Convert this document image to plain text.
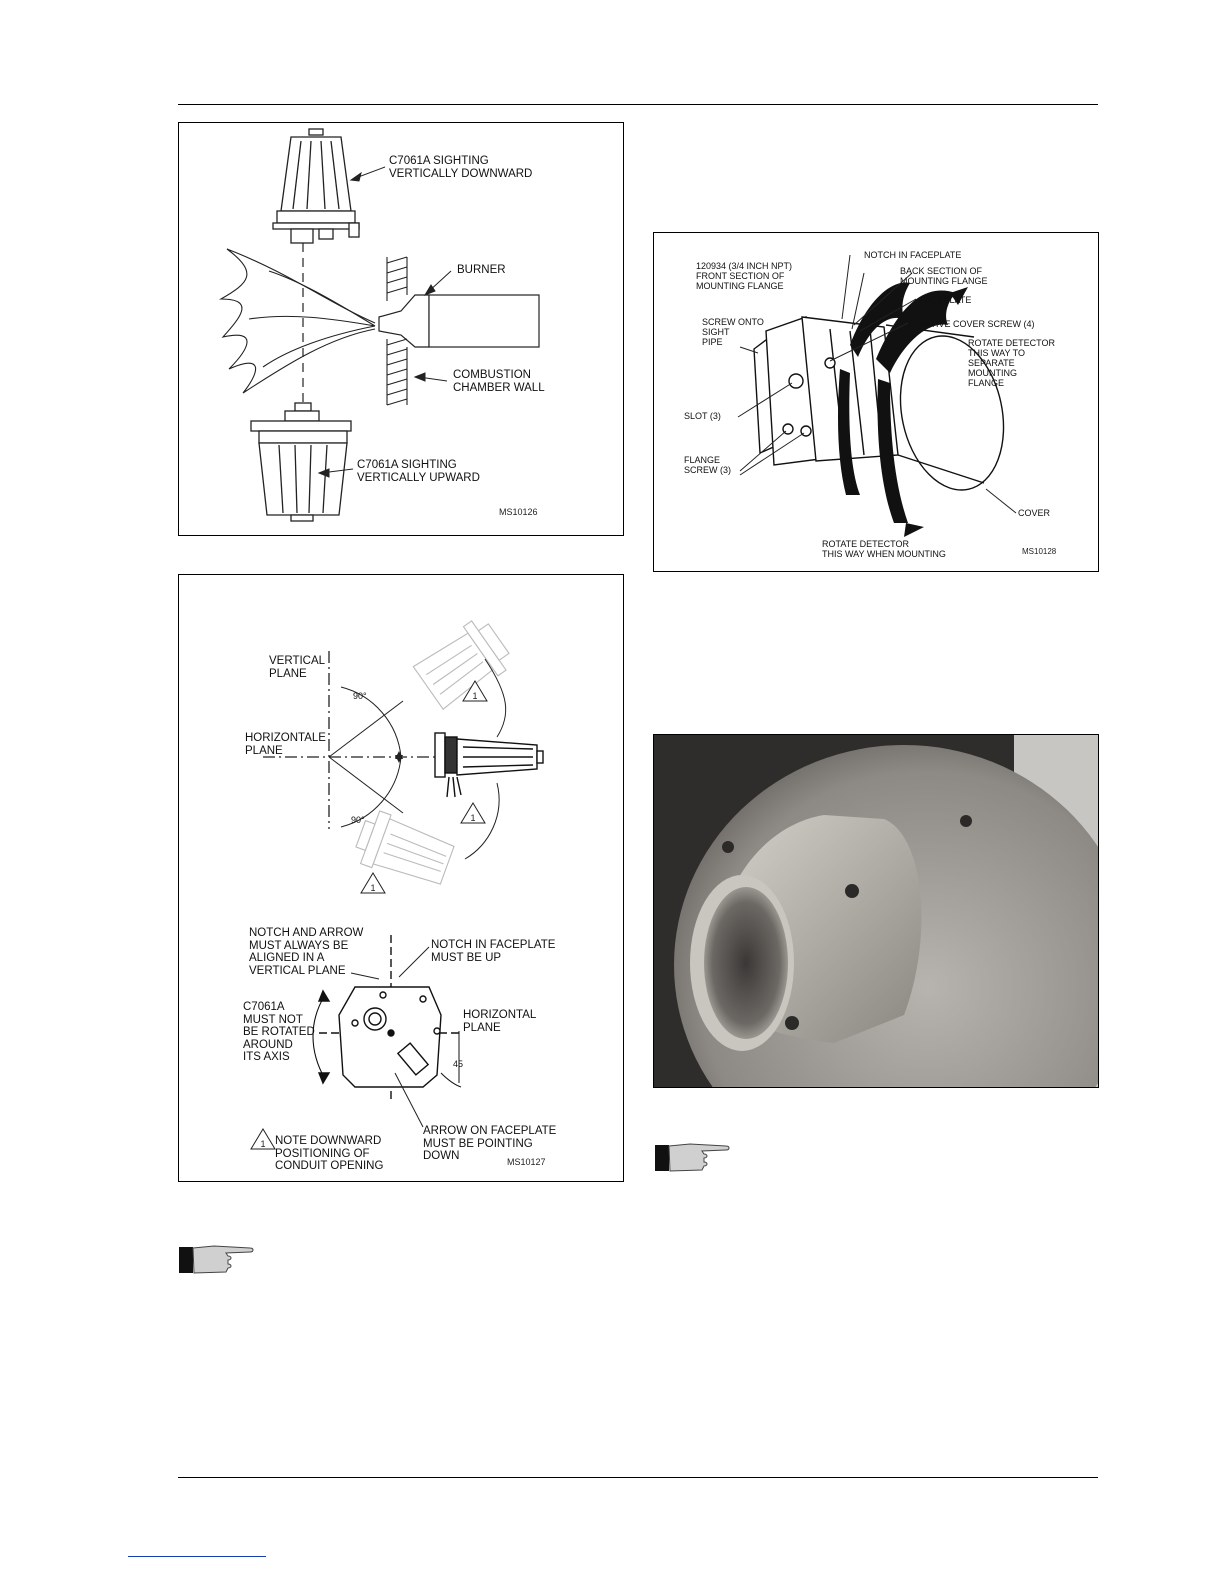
C7061A SIGHTING
VERTICALLY DOWNWARD
BURNER
COMBUSTION
CHAMBER WALL
C7061A SIGHTING
VERTICALLY UPWARD
MS10126
1
1
1
1
VERTICAL
PLANE
90°
HORIZONTALE
PLANE
90°
NOTCH AND ARROW
MUST ALWAYS BE
ALIGNED IN A
VERTICAL PLANE
NOTCH IN FACEPLATE
MUST BE UP
C7061A
MUST NOT
BE ROTATED
AROUND
ITS AXIS
HORIZONTAL
PLANE
45
ARROW ON FACEPLATE
MUST BE POINTING
DOWN
NOTE DOWNWARD
POSITIONING OF
CONDUIT OPENING	MS10127
120934 (3/4 INCH NPT)
FRONT SECTION OF
MOUNTING FLANGE
NOTCH IN FACEPLATE
BACK SECTION OF
MOUNTING FLANGE
FACEPLATE
SCREW ONTO
SIGHT
PIPE
CAPTIVE COVER SCREW (4)
ROTATE DETECTOR
THIS WAY TO
SEPARATE
MOUNTING
FLANGE
SLOT (3)
FLANGE
SCREW (3)
COVER
ROTATE DETECTOR
THIS WAY WHEN MOUNTING	MS10128
